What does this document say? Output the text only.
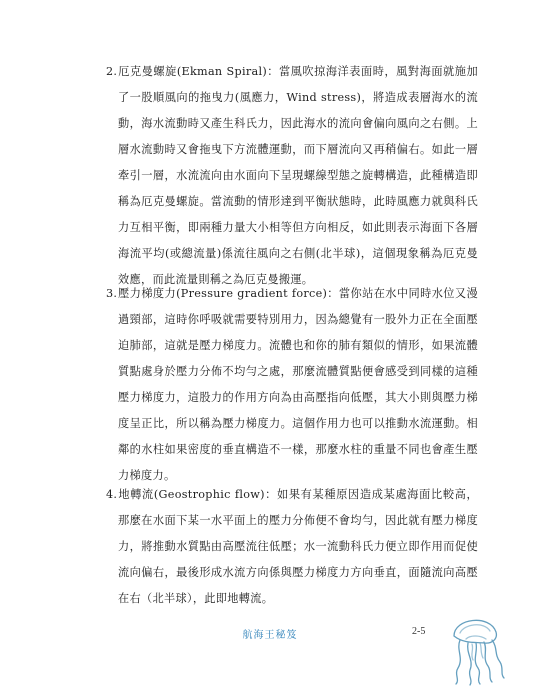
2.厄克曼螺旋(Ekman Spiral)：當風吹掠海洋表面時，風對海面就施加了一股順風向的拖曳力(風應力，Wind stress)，將造成表層海水的流動，海水流動時又產生科氏力，因此海水的流向會偏向風向之右側。上層水流動時又會拖曳下方流體運動，而下層流向又再稍偏右。如此一層牽引一層，水流流向由水面向下呈現螺線型態之旋轉構造，此種構造即稱為厄克曼螺旋。當流動的情形達到平衡狀態時，此時風應力就與科氏力互相平衡，即兩種力量大小相等但方向相反，如此則表示海面下各層海流平均(或總流量)係流往風向之右側(北半球)，這個現象稱為厄克曼效應，而此流量則稱之為厄克曼搬運。

3.壓力梯度力(Pressure gradient force)：當你站在水中同時水位又漫過頸部，這時你呼吸就需要特別用力，因為總覺有一股外力正在全面壓迫肺部，這就是壓力梯度力。流體也和你的肺有類似的情形，如果流體質點處身於壓力分佈不均勻之處，那麼流體質點便會感受到同樣的這種壓力梯度力，這股力的作用方向為由高壓指向低壓，其大小則與壓力梯度呈正比，所以稱為壓力梯度力。這個作用力也可以推動水流運動。相鄰的水柱如果密度的垂直構造不一樣，那麼水柱的重量不同也會產生壓力梯度力。

4.地轉流(Geostrophic flow)：如果有某種原因造成某處海面比較高，那麼在水面下某一水平面上的壓力分佈便不會均勻，因此就有壓力梯度力，將推動水質點由高壓流往低壓；水一流動科氏力便立即作用而促使流向偏右，最後形成水流方向係與壓力梯度力方向垂直，面隨流向高壓在右（北半球），此即地轉流。

航海王秘笈	2-5
